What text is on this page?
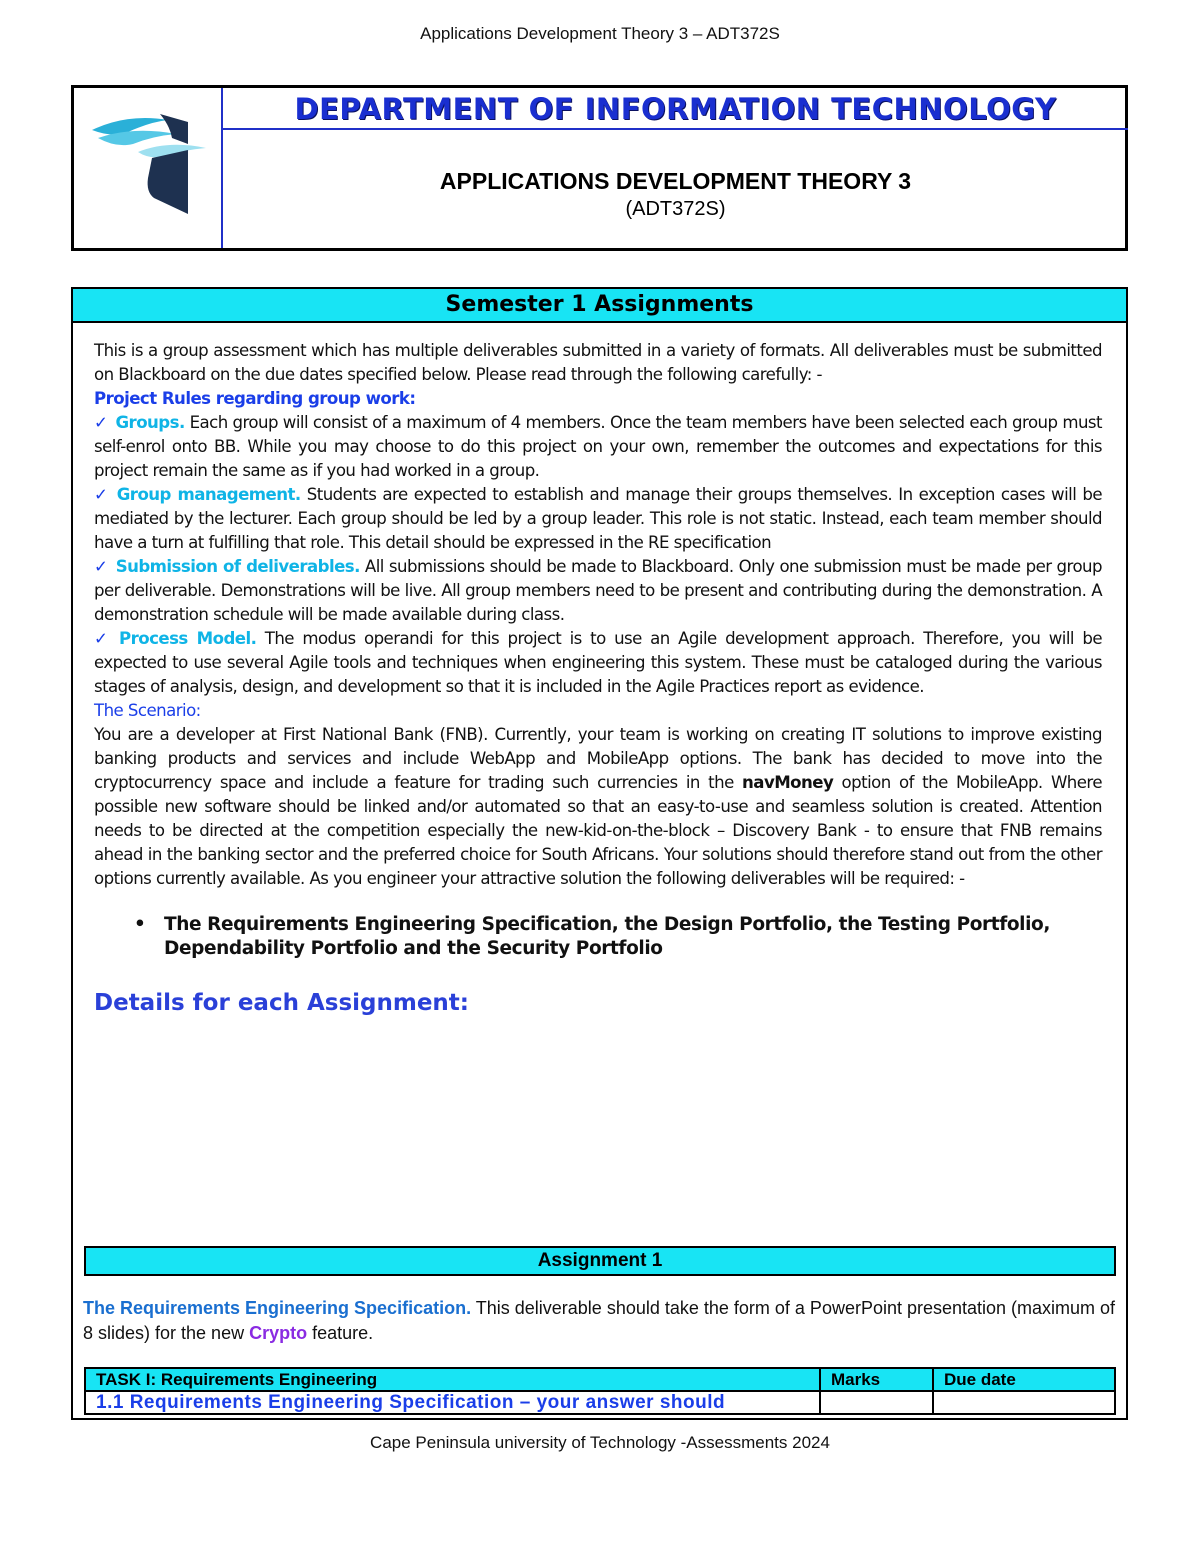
Applications Development Theory 3 – ADT372S
DEPARTMENT OF INFORMATION TECHNOLOGY
APPLICATIONS DEVELOPMENT THEORY 3
(ADT372S)
Semester 1 Assignments

This is a group assessment which has multiple deliverables submitted in a variety of formats. All deliverables must be submitted on Blackboard on the due dates specified below. Please read through the following carefully: -

Project Rules regarding group work:

✓ Groups. Each group will consist of a maximum of 4 members. Once the team members have been selected each group must self-enrol onto BB. While you may choose to do this project on your own, remember the outcomes and expectations for this project remain the same as if you had worked in a group.

✓ Group management. Students are expected to establish and manage their groups themselves. In exception cases will be mediated by the lecturer. Each group should be led by a group leader. This role is not static. Instead, each team member should have a turn at fulfilling that role. This detail should be expressed in the RE specification

✓ Submission of deliverables. All submissions should be made to Blackboard. Only one submission must be made per group per deliverable. Demonstrations will be live. All group members need to be present and contributing during the demonstration. A demonstration schedule will be made available during class.

✓ Process Model. The modus operandi for this project is to use an Agile development approach. Therefore, you will be expected to use several Agile tools and techniques when engineering this system. These must be cataloged during the various stages of analysis, design, and development so that it is included in the Agile Practices report as evidence.

The Scenario:

You are a developer at First National Bank (FNB). Currently, your team is working on creating IT solutions to improve existing banking products and services and include WebApp and MobileApp options. The bank has decided to move into the cryptocurrency space and include a feature for trading such currencies in the navMoney option of the MobileApp. Where possible new software should be linked and/or automated so that an easy-to-use and seamless solution is created. Attention needs to be directed at the competition especially the new-kid-on-the-block – Discovery Bank - to ensure that FNB remains ahead in the banking sector and the preferred choice for South Africans. Your solutions should therefore stand out from the other options currently available. As you engineer your attractive solution the following deliverables will be required: -

• The Requirements Engineering Specification, the Design Portfolio, the Testing Portfolio, Dependability Portfolio and the Security Portfolio
Details for each Assignment:
Assignment 1
The Requirements Engineering Specification. This deliverable should take the form of a PowerPoint presentation (maximum of 8 slides) for the new Crypto feature.
TASK I: Requirements Engineering	Marks	Due date
1.1 Requirements Engineering Specification – your answer should		
Cape Peninsula university of Technology -Assessments 2024
